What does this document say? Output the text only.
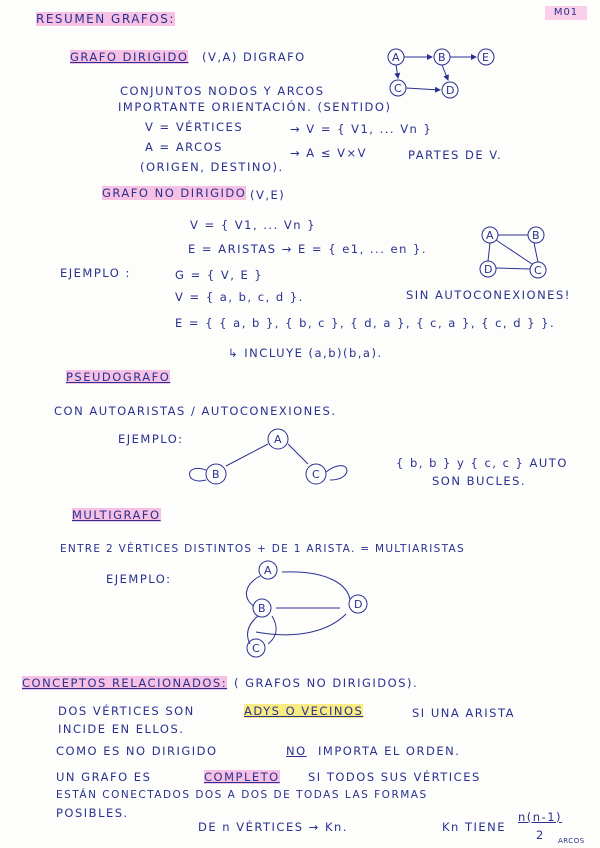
M01
RESUMEN GRAFOS:
GRAFO DIRIGIDO (V,A) DIGRAFO
CONJUNTOS NODOS Y ARCOS
IMPORTANTE ORIENTACIÓN. (SENTIDO)
V = VÉRTICES	→ V = { V1, ... Vn }
A = ARCOS	→ A ≤ V×V	PARTES DE V.
(ORIGEN, DESTINO).
A	B	E
C	D
GRAFO NO DIRIGIDO (V,E)
V = { V1, ... Vn }
E = ARISTAS → E = { e1, ... en }.
EJEMPLO :	G = { V, E }
V = { a, b, c, d }.	SIN AUTOCONEXIONES!
E = { { a, b }, { b, c }, { d, a }, { c, a }, { c, d } }.
↳ INCLUYE (a,b)(b,a).
A	B
D	C
PSEUDOGRAFO
CON AUTOARISTAS / AUTOCONEXIONES.
EJEMPLO:
{ b, b } y { c, c } AUTO
SON BUCLES.
A
B	C
MULTIGRAFO
ENTRE 2 VÉRTICES DISTINTOS + DE 1 ARISTA. = MULTIARISTAS
EJEMPLO:
A
B	D
C
CONCEPTOS RELACIONADOS: ( GRAFOS NO DIRIGIDOS).
DOS VÉRTICES SON	ADYS O VECINOS	SI UNA ARISTA
INCIDE EN ELLOS.
COMO ES NO DIRIGIDO	NO IMPORTA EL ORDEN.
UN GRAFO ES	COMPLETO SI TODOS SUS VÉRTICES
ESTÁN CONECTADOS DOS A DOS DE TODAS LAS FORMAS
POSIBLES.
DE n VÉRTICES → Kn.	Kn TIENE
n(n-1)
2 ARCOS
